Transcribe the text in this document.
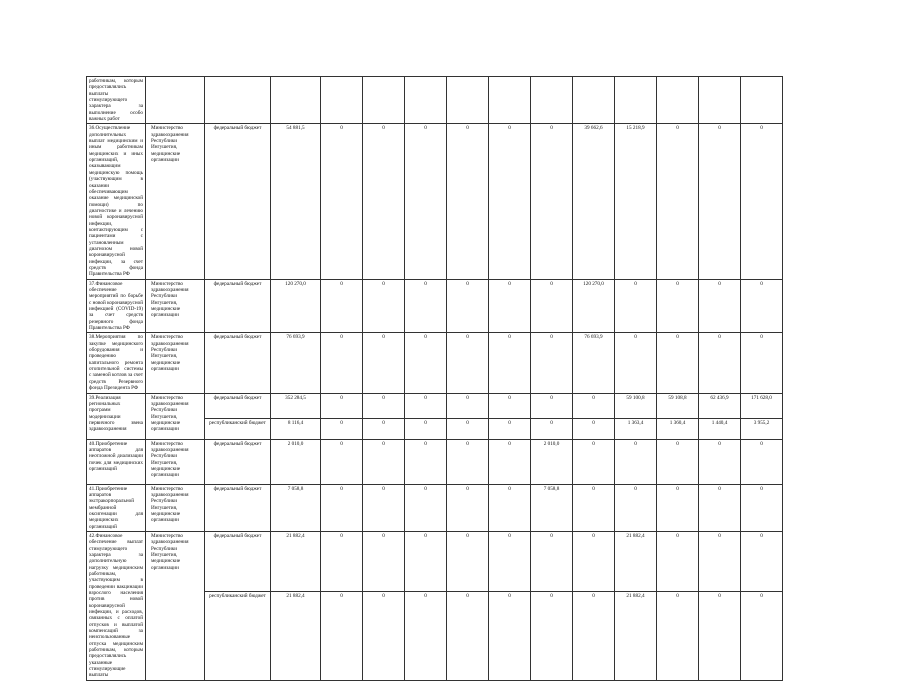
работникам, которым предоставлялись выплаты стимулирующего характера за выполнение особо важных работ														
36.Осуществление дополнительных выплат медицинским и иным работникам медицинских и иных организаций, оказывающим медицинскую помощь (участвующим в оказании обеспечивающим оказание медицинской помощи) по диагностике и лечению новой коронавирусной инфекции, контактирующим с пациентами с установленным диагнозом новой коронавирусной инфекции, за счет средств фонда Правительства РФ	Министерство здравоохранения Республики Ингушетия, медицинские организации	федеральный бюджет	54 881,5	0	0	0	0	0	0	39 662,6	15 218,9	0	0	0
37.Финансовое обеспечение мероприятий по борьбе с новой коронавирусной инфекцией (COVID-19) за счет средств резервного фонда Правительства РФ	Министерство здравоохранения Республики Ингушетия, медицинские организации	федеральный бюджет	120 270,0	0	0	0	0	0	0	120 270,0	0	0	0	0
38.Мероприятия по закупке медицинского оборудования и проведению капитального ремонта отопительной системы с заменой котлов за счет средств Резервного фонда Президента РФ	Министерство здравоохранения Республики Ингушетия, медицинские организации	федеральный бюджет	76 693,9	0	0	0	0	0	0	76 693,9	0	0	0	0
39.Реализация региональных программ модернизации первичного звена здравоохранения	Министерство здравоохранения Республики Ингушетия, медицинские организации	федеральный бюджет	352 284,5	0	0	0	0	0	0	0	59 100,8	59 108,8	62 436,9	171 628,0
		республиканский бюджет	8 116,4	0	0	0	0	0	0	0	1 363,4	1 360,4	1 440,4	3 955,2
40.Приобретение аппаратов для неотложной диализации почек для медицинских организаций	Министерство здравоохранения Республики Ингушетия, медицинские организации	федеральный бюджет	2 010,0	0	0	0	0	0	2 010,0	0	0	0	0	0
41.Приобретение аппаратов экстракорпоральной мембранной оксигенации для медицинских организаций	Министерство здравоохранения Республики Ингушетия, медицинские организации	федеральный бюджет	7 058,8	0	0	0	0	0	7 058,8	0	0	0	0	0
42.Финансовое обеспечение выплат стимулирующего характера за дополнительную нагрузку медицинским работникам, участвующим в проведении вакцинации взрослого населения против новой коронавирусной инфекции, и расходов, связанных с оплатой отпусков и выплатой компенсаций за неиспользованные отпуска медицинским работникам, которым предоставлялись указанные стимулирующие выплаты	Министерство здравоохранения Республики Ингушетия, медицинские организации	федеральный бюджет	21 882,4	0	0	0	0	0	0	0	21 882,4	0	0	0
		республиканский бюджет	21 882,4	0	0	0	0	0	0	0	21 882,4	0	0	0
